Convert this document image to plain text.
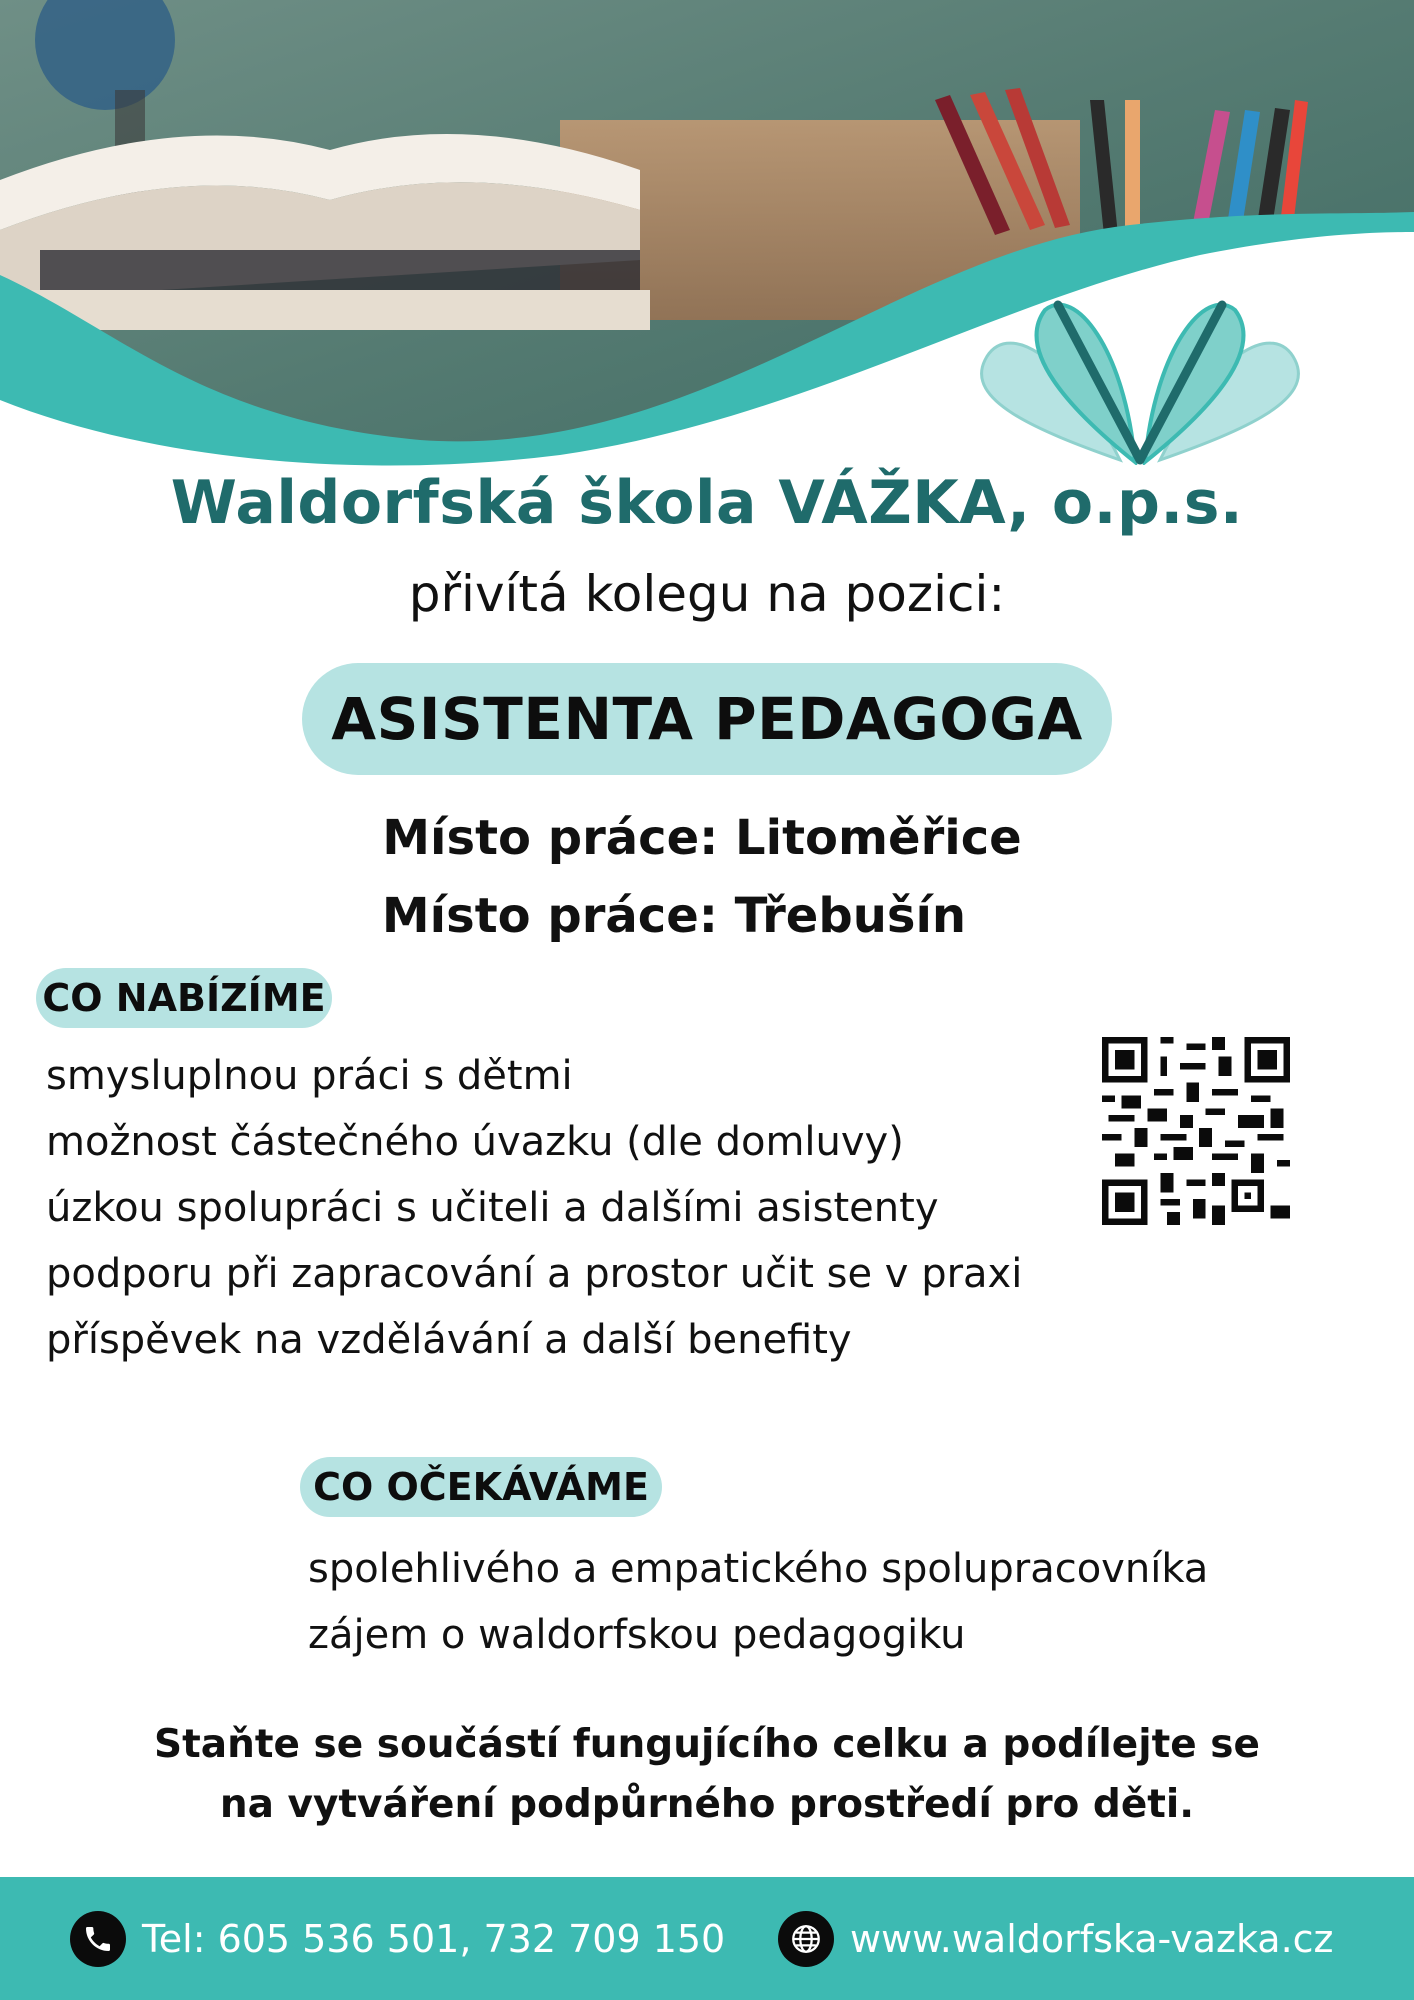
Waldorfská škola VÁŽKA, o.p.s.
přivítá kolegu na pozici:
ASISTENTA PEDAGOGA
Místo práce: Litoměřice
Místo práce: Třebušín
CO NABÍZÍME
smysluplnou práci s dětmi
možnost částečného úvazku (dle domluvy)
úzkou spolupráci s učiteli a dalšími asistenty
podporu při zapracování a prostor učit se v praxi
příspěvek na vzdělávání a další benefity
CO OČEKÁVÁME
spolehlivého a empatického spolupracovníka
zájem o waldorfskou pedagogiku
Staňte se součástí fungujícího celku a podílejte se
na vytváření podpůrného prostředí pro děti.
Tel: 605 536 501, 732 709 150	www.waldorfska-vazka.cz
